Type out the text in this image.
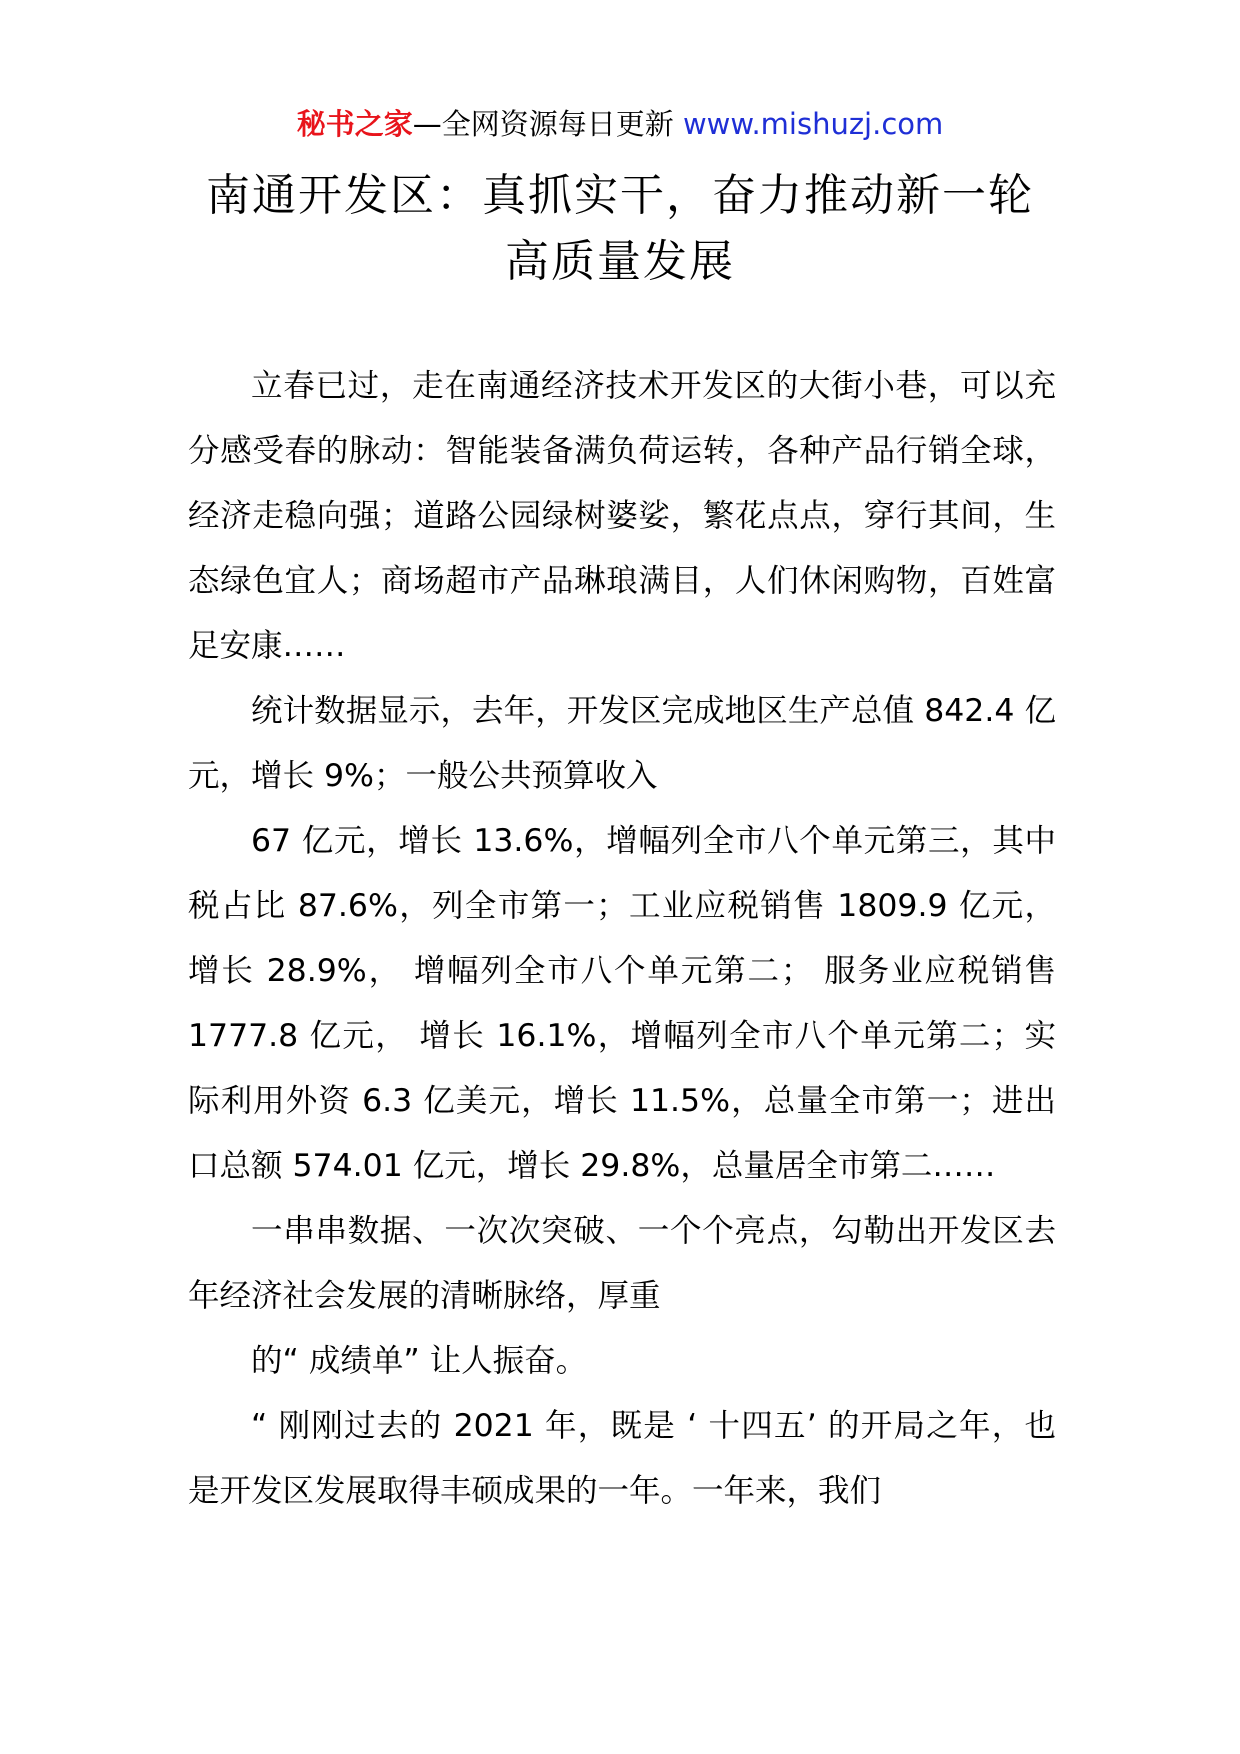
秘书之家—全网资源每日更新 www.mishuzj.com
南通开发区：真抓实干，奋力推动新一轮
高质量发展

立春已过，走在南通经济技术开发区的大街小巷，可以充分感受春的脉动：智能装备满负荷运转，各种产品行销全球，经济走稳向强；道路公园绿树婆娑，繁花点点，穿行其间，生态绿色宜人；商场超市产品琳琅满目，人们休闲购物，百姓富足安康……

统计数据显示，去年，开发区完成地区生产总值 842.4 亿元，增长 9%；一般公共预算收入

67 亿元，增长 13.6%，增幅列全市八个单元第三，其中税占比 87.6%，列全市第一；工业应税销售 1809.9 亿元， 增长 28.9%， 增幅列全市八个单元第二； 服务业应税销售 1777.8 亿元， 增长 16.1%，增幅列全市八个单元第二；实际利用外资 6.3 亿美元，增长 11.5%，总量全市第一；进出口总额 574.01 亿元，增长 29.8%，总量居全市第二……

一串串数据、一次次突破、一个个亮点，勾勒出开发区去年经济社会发展的清晰脉络，厚重

的“ 成绩单” 让人振奋。

“ 刚刚过去的 2021 年，既是 ‘ 十四五’ 的开局之年，也是开发区发展取得丰硕成果的一年。一年来，我们
